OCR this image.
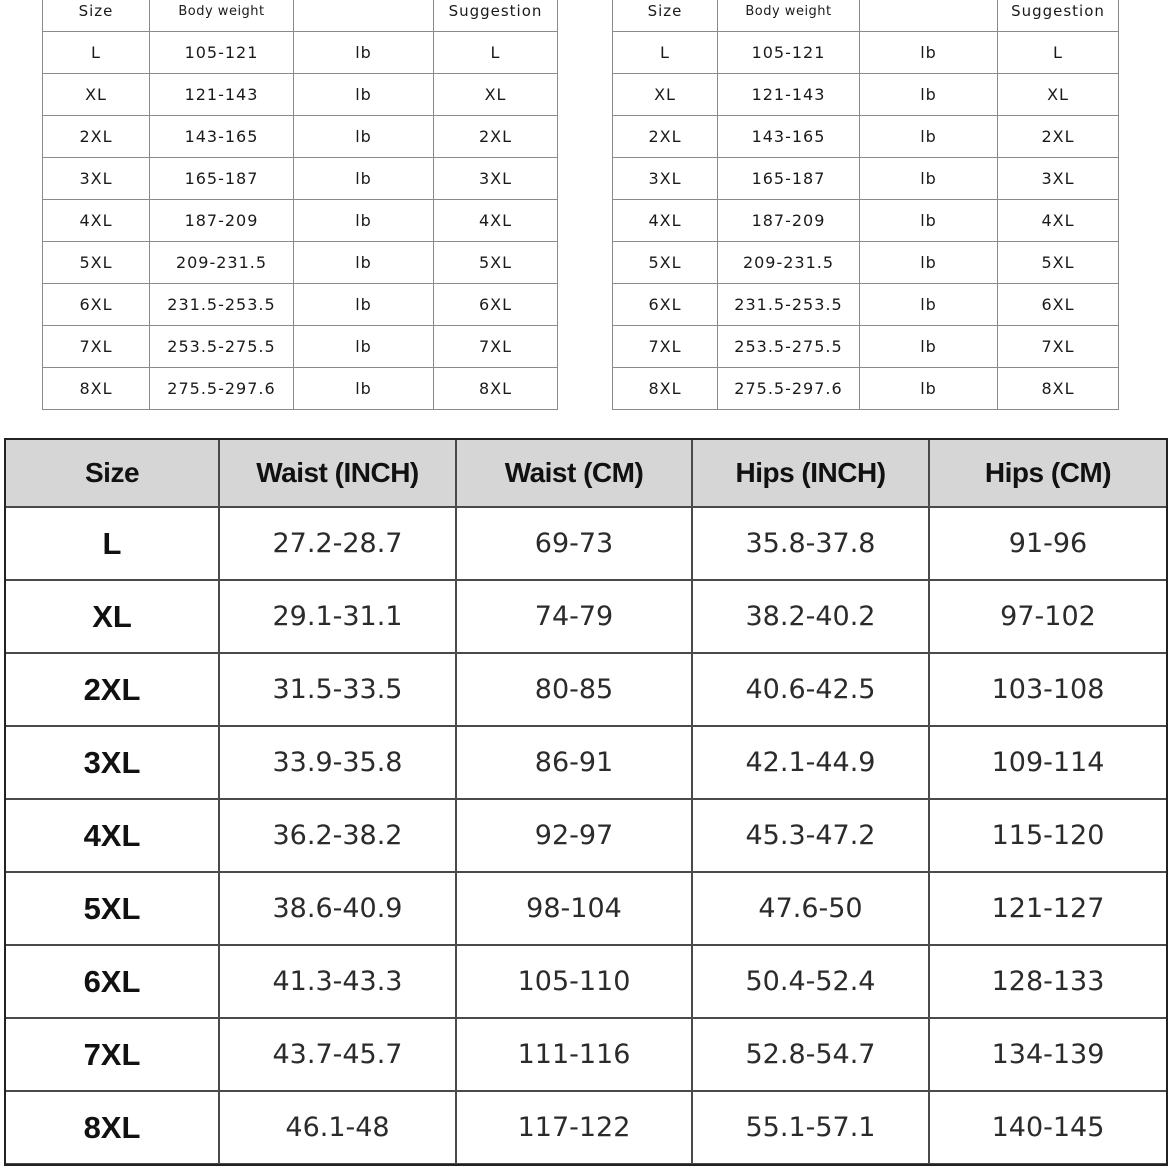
Size	Body weight		Suggestion
L	105-121	lb	L
XL	121-143	lb	XL
2XL	143-165	lb	2XL
3XL	165-187	lb	3XL
4XL	187-209	lb	4XL
5XL	209-231.5	lb	5XL
6XL	231.5-253.5	lb	6XL
7XL	253.5-275.5	lb	7XL
8XL	275.5-297.6	lb	8XL
Size	Body weight		Suggestion
L	105-121	lb	L
XL	121-143	lb	XL
2XL	143-165	lb	2XL
3XL	165-187	lb	3XL
4XL	187-209	lb	4XL
5XL	209-231.5	lb	5XL
6XL	231.5-253.5	lb	6XL
7XL	253.5-275.5	lb	7XL
8XL	275.5-297.6	lb	8XL
Size	Waist (INCH)	Waist (CM)	Hips (INCH)	Hips (CM)
L	27.2-28.7	69-73	35.8-37.8	91-96
XL	29.1-31.1	74-79	38.2-40.2	97-102
2XL	31.5-33.5	80-85	40.6-42.5	103-108
3XL	33.9-35.8	86-91	42.1-44.9	109-114
4XL	36.2-38.2	92-97	45.3-47.2	115-120
5XL	38.6-40.9	98-104	47.6-50	121-127
6XL	41.3-43.3	105-110	50.4-52.4	128-133
7XL	43.7-45.7	111-116	52.8-54.7	134-139
8XL	46.1-48	117-122	55.1-57.1	140-145
